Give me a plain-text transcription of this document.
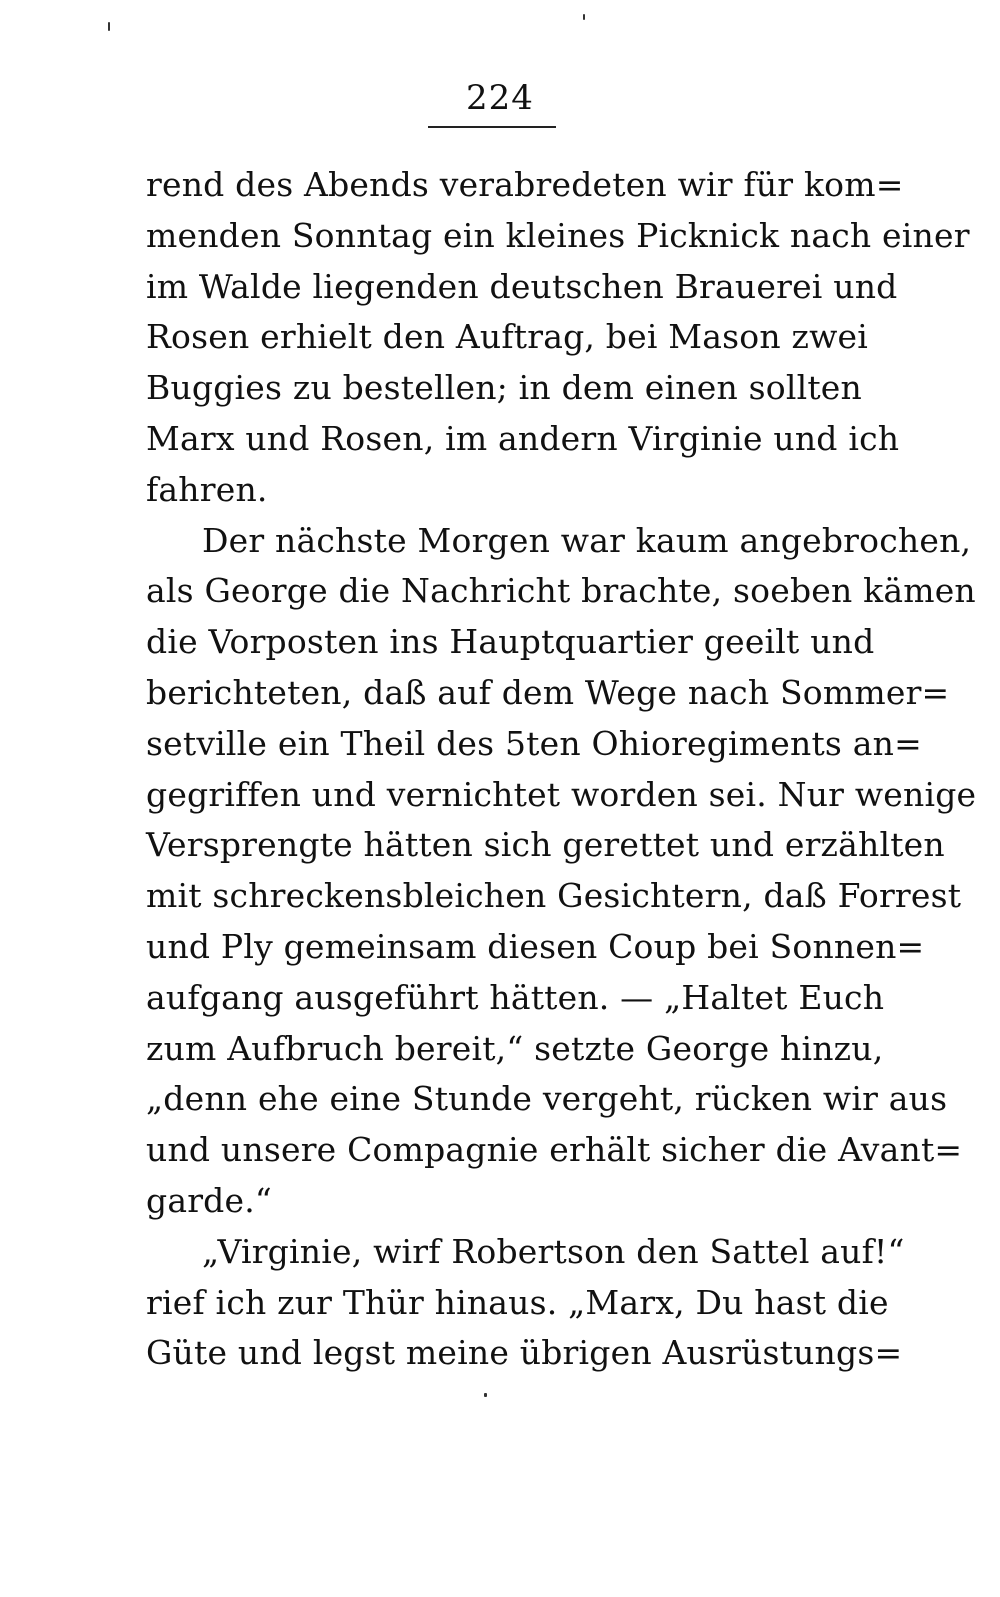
224
rend des Abends verabredeten wir für kom=
menden Sonntag ein kleines Picknick nach einer
im Walde liegenden deutschen Brauerei und
Rosen erhielt den Auftrag, bei Mason zwei
Buggies zu bestellen; in dem einen sollten
Marx und Rosen, im andern Virginie und ich
fahren.
Der nächste Morgen war kaum angebrochen,
als George die Nachricht brachte, soeben kämen
die Vorposten ins Hauptquartier geeilt und
berichteten, daß auf dem Wege nach Sommer=
setville ein Theil des 5ten Ohioregiments an=
gegriffen und vernichtet worden sei. Nur wenige
Versprengte hätten sich gerettet und erzählten
mit schreckensbleichen Gesichtern, daß Forrest
und Ply gemeinsam diesen Coup bei Sonnen=
aufgang ausgeführt hätten. — „Haltet Euch
zum Aufbruch bereit,“ setzte George hinzu,
„denn ehe eine Stunde vergeht, rücken wir aus
und unsere Compagnie erhält sicher die Avant=
garde.“
„Virginie, wirf Robertson den Sattel auf!“
rief ich zur Thür hinaus. „Marx, Du hast die
Güte und legst meine übrigen Ausrüstungs=
